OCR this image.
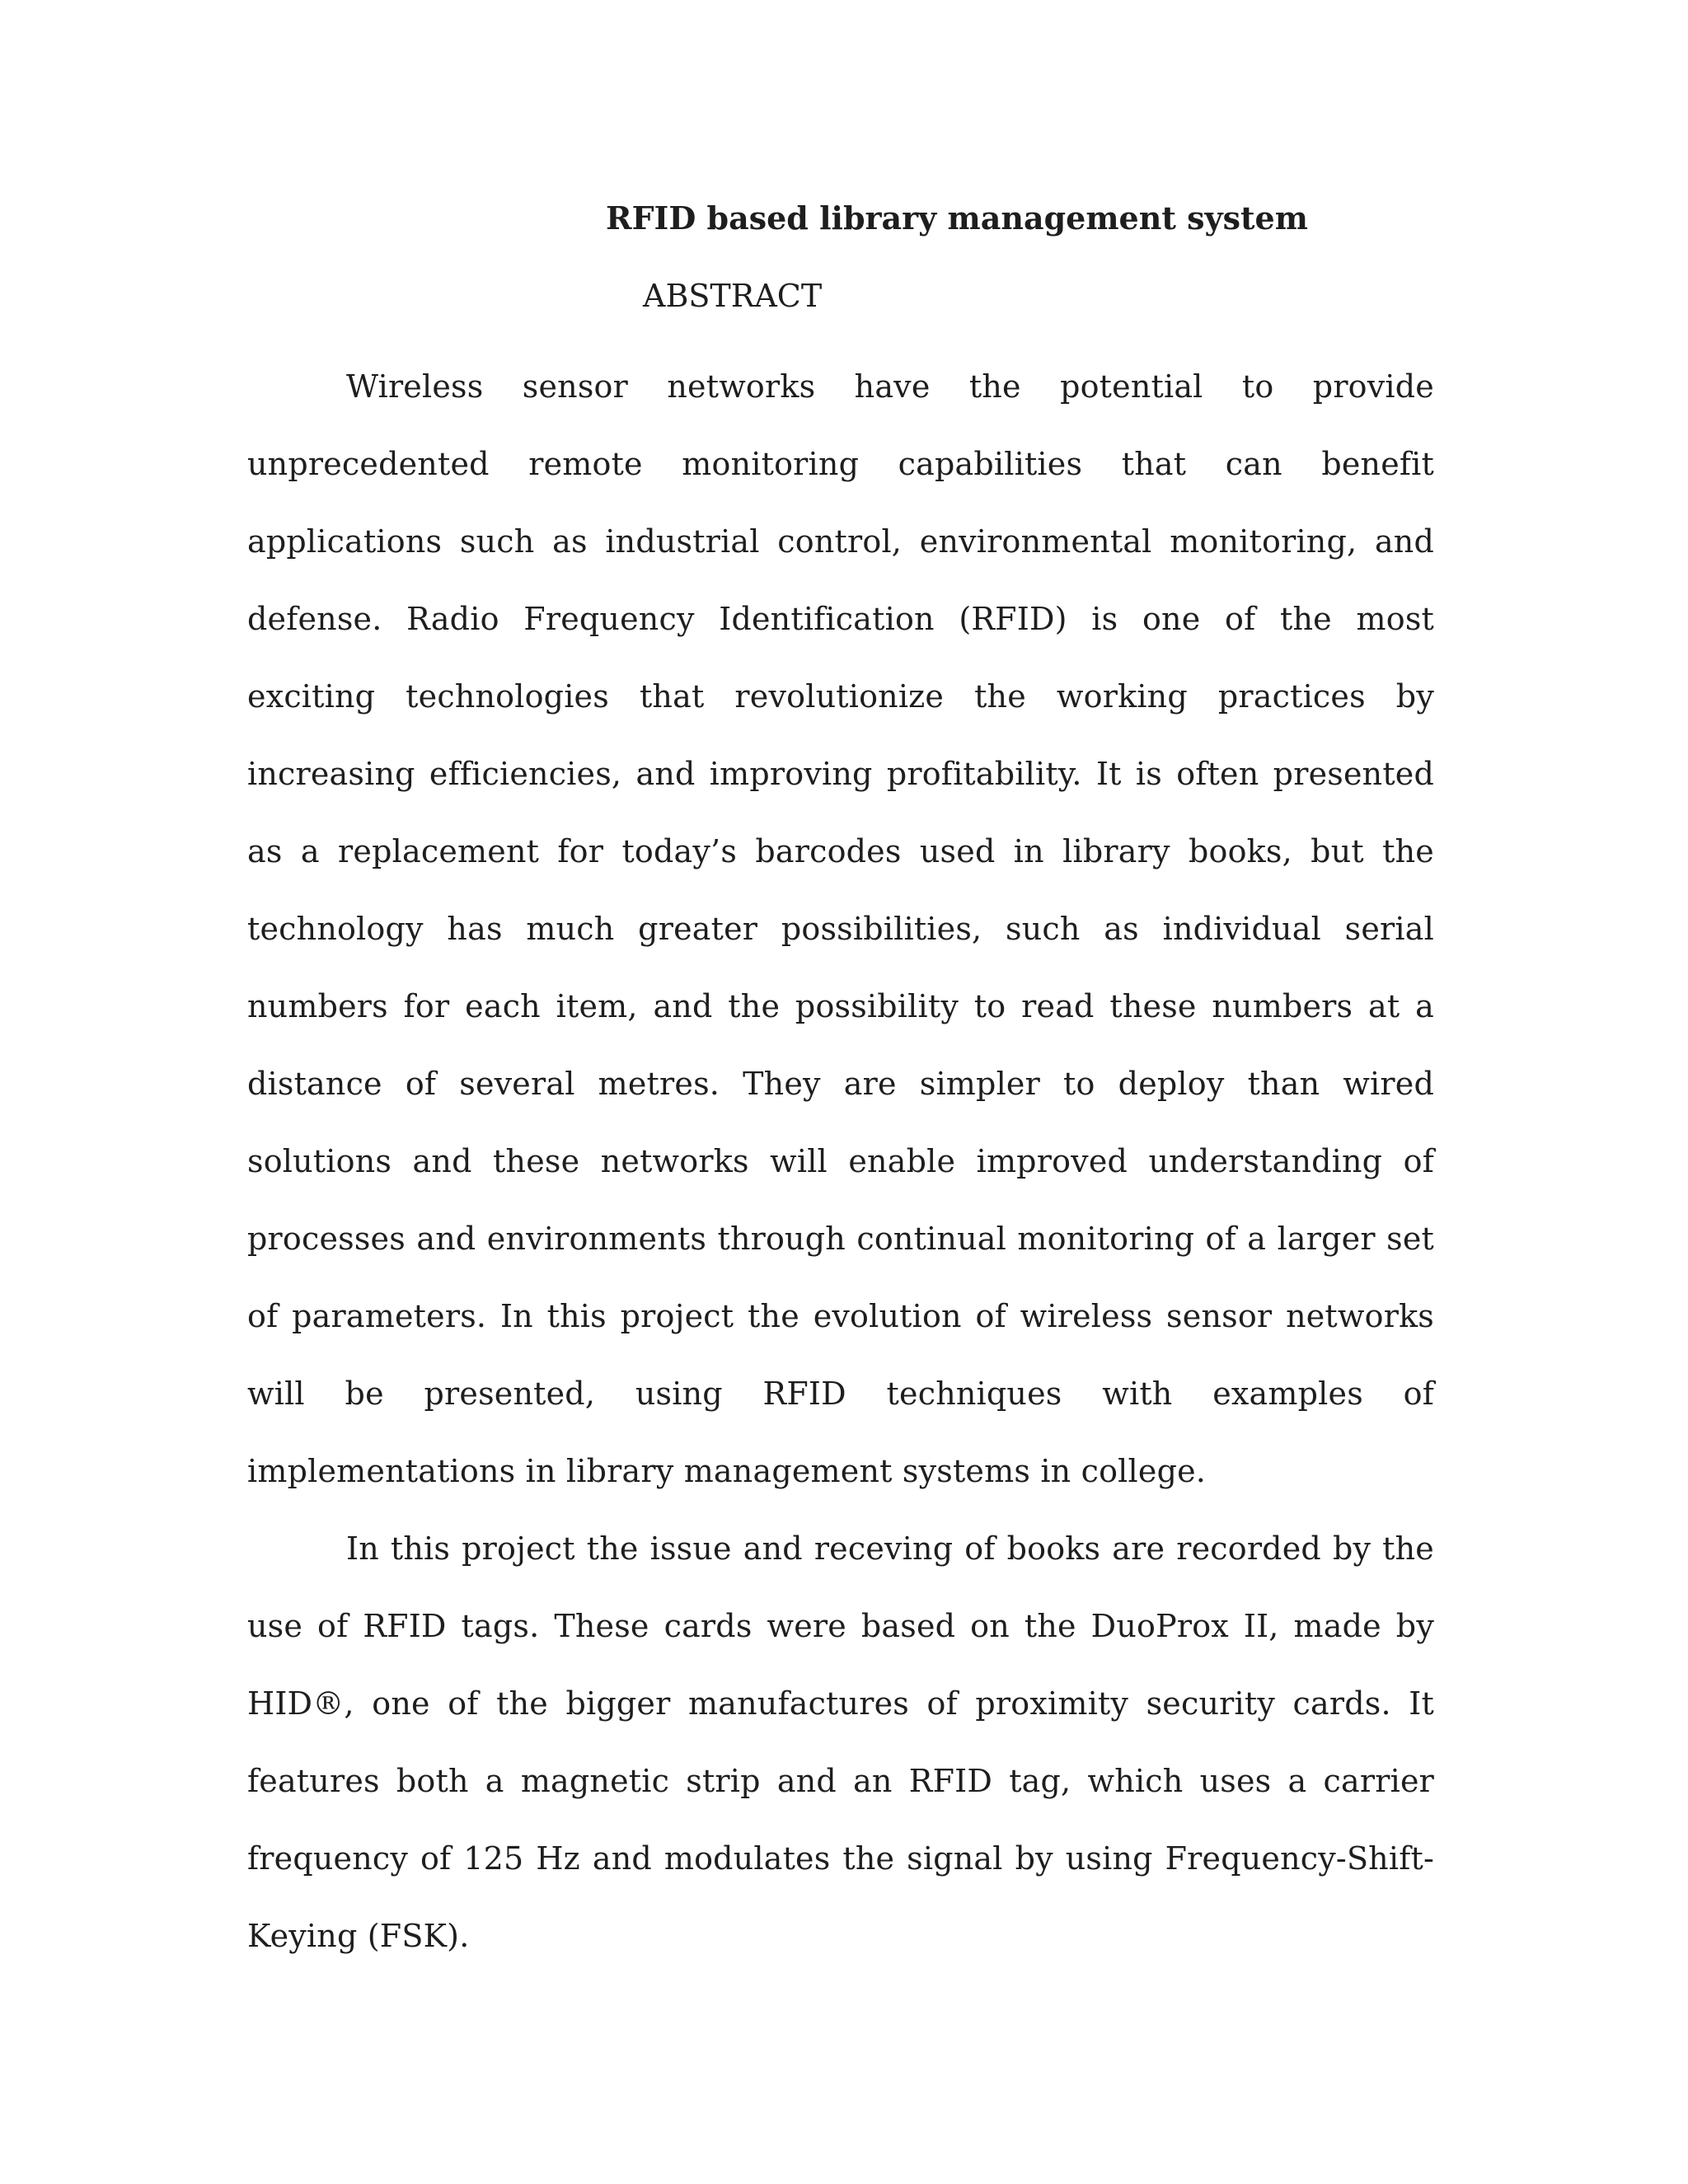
RFID based library management system
ABSTRACT

Wireless sensor networks have the potential to provide unprecedented remote monitoring capabilities that can benefit applications such as industrial control, environmental monitoring, and defense. Radio Frequency Identification (RFID) is one of the most exciting technologies that revolutionize the working practices by increasing efficiencies, and improving profitability. It is often presented as a replacement for today’s barcodes used in library books, but the technology has much greater possibilities, such as individual serial numbers for each item, and the possibility to read these numbers at a distance of several metres. They are simpler to deploy than wired solutions and these networks will enable improved understanding of processes and environments through continual monitoring of a larger set of parameters. In this project the evolution of wireless sensor networks will be presented, using RFID techniques with examples of implementations in library management systems in college.

In this project the issue and receving of books are recorded by the use of RFID tags. These cards were based on the DuoProx II, made by HID®, one of the bigger manufactures of proximity security cards. It features both a magnetic strip and an RFID tag, which uses a carrier frequency of 125 Hz and modulates the signal by using Frequency-Shift-Keying (FSK).
